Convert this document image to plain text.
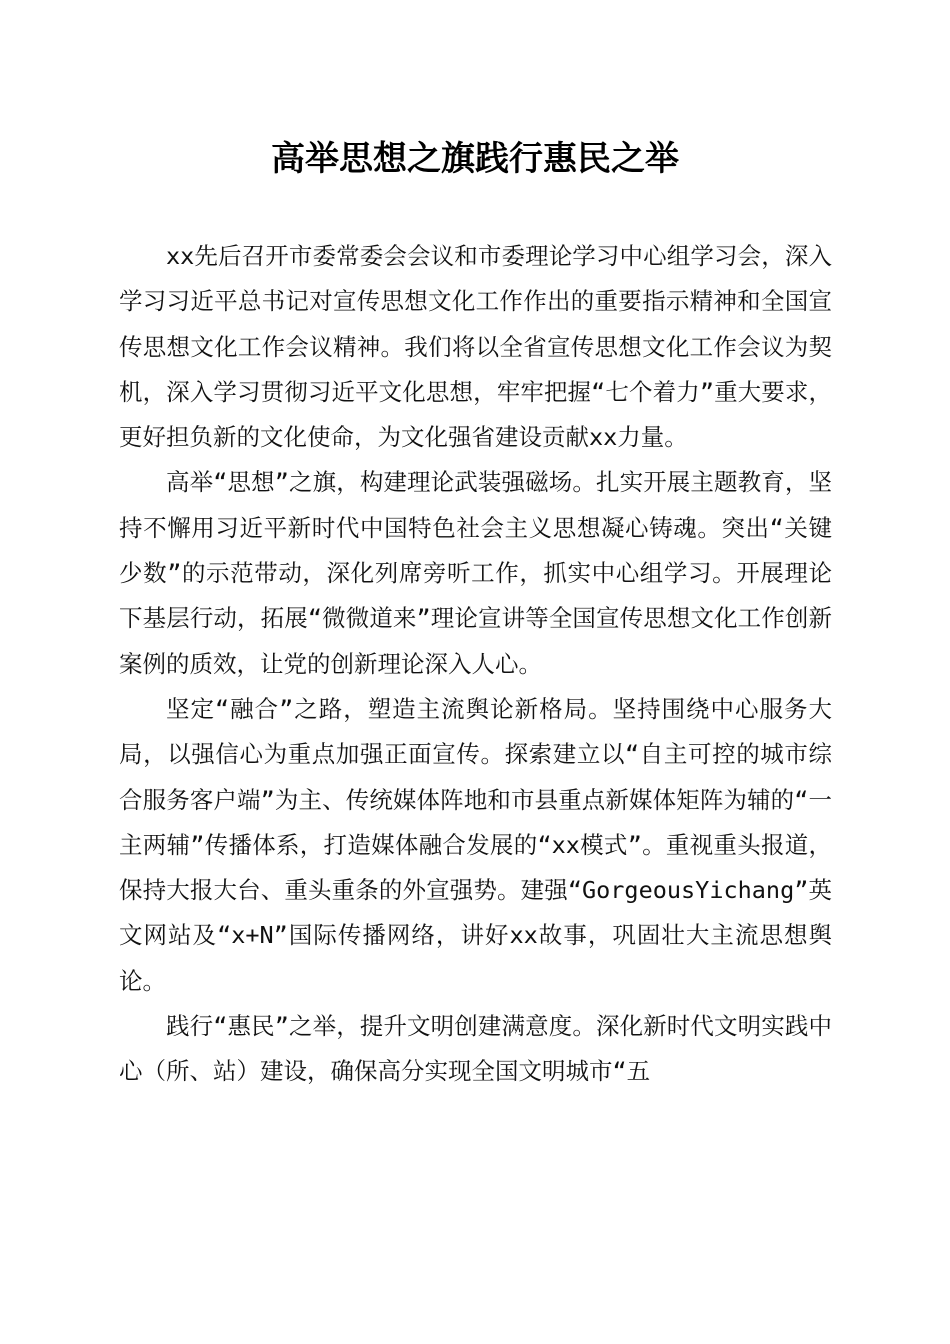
高举思想之旗践行惠民之举

xx先后召开市委常委会会议和市委理论学习中心组学习会，深入学习习近平总书记对宣传思想文化工作作出的重要指示精神和全国宣传思想文化工作会议精神。我们将以全省宣传思想文化工作会议为契机，深入学习贯彻习近平文化思想，牢牢把握“七个着力”重大要求，更好担负新的文化使命，为文化强省建设贡献xx力量。

高举“思想”之旗，构建理论武装强磁场。扎实开展主题教育，坚持不懈用习近平新时代中国特色社会主义思想凝心铸魂。突出“关键少数”的示范带动，深化列席旁听工作，抓实中心组学习。开展理论下基层行动，拓展“微微道来”理论宣讲等全国宣传思想文化工作创新案例的质效，让党的创新理论深入人心。

坚定“融合”之路，塑造主流舆论新格局。坚持围绕中心服务大局，以强信心为重点加强正面宣传。探索建立以“自主可控的城市综合服务客户端”为主、传统媒体阵地和市县重点新媒体矩阵为辅的“一主两辅”传播体系，打造媒体融合发展的“xx模式”。重视重头报道，保持大报大台、重头重条的外宣强势。建强“GorgeousYichang”英文网站及“x+N”国际传播网络，讲好xx故事，巩固壮大主流思想舆论。

践行“惠民”之举，提升文明创建满意度。深化新时代文明实践中心（所、站）建设，确保高分实现全国文明城市“五
